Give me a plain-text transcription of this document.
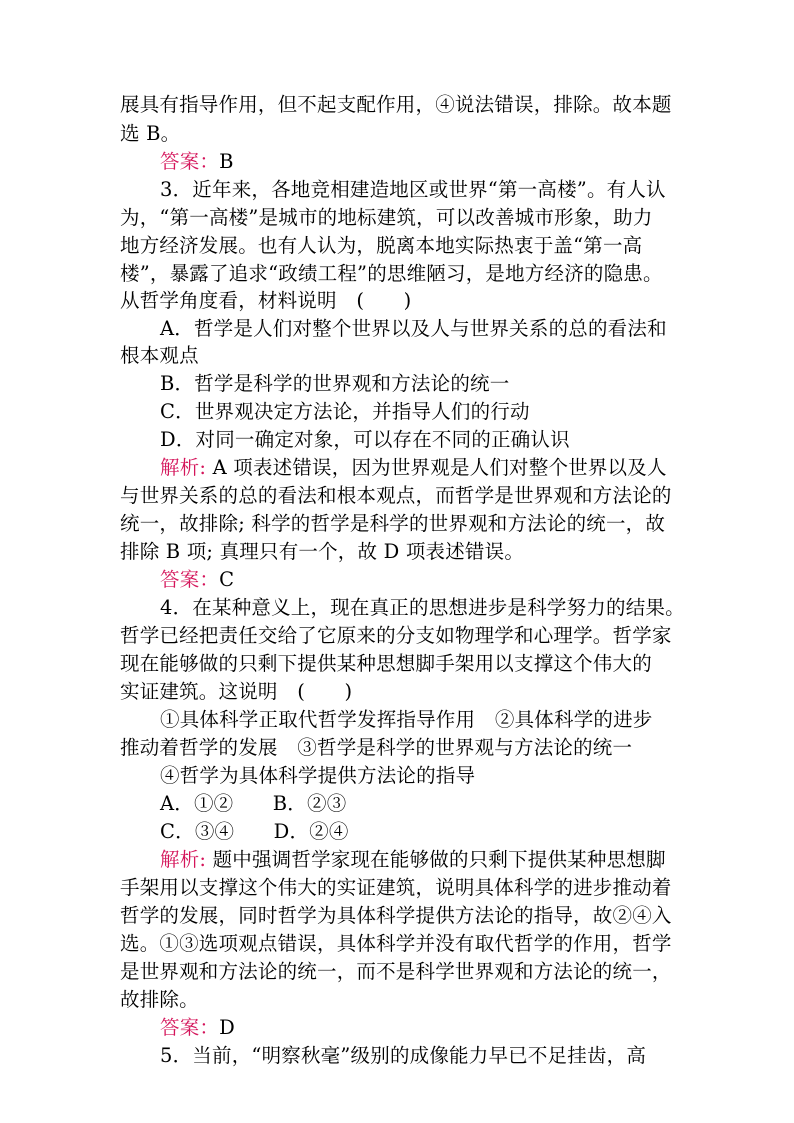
展具有指导作用，但不起支配作用，④说法错误，排除。故本题
选 B。
答案：B
3．近年来，各地竞相建造地区或世界“第一高楼”。有人认
为，“第一高楼”是城市的地标建筑，可以改善城市形象，助力
地方经济发展。也有人认为，脱离本地实际热衷于盖“第一高
楼”，暴露了追求“政绩工程”的思维陋习，是地方经济的隐患。
从哲学角度看，材料说明　(　　)
A．哲学是人们对整个世界以及人与世界关系的总的看法和
根本观点
B．哲学是科学的世界观和方法论的统一
C．世界观决定方法论，并指导人们的行动
D．对同一确定对象，可以存在不同的正确认识
解析: A 项表述错误，因为世界观是人们对整个世界以及人
与世界关系的总的看法和根本观点，而哲学是世界观和方法论的
统一，故排除; 科学的哲学是科学的世界观和方法论的统一，故
排除 B 项; 真理只有一个，故 D 项表述错误。
答案：C
4．在某种意义上，现在真正的思想进步是科学努力的结果。
哲学已经把责任交给了它原来的分支如物理学和心理学。哲学家
现在能够做的只剩下提供某种思想脚手架用以支撑这个伟大的
实证建筑。这说明　(　　)
①具体科学正取代哲学发挥指导作用　②具体科学的进步
推动着哲学的发展　③哲学是科学的世界观与方法论的统一
④哲学为具体科学提供方法论的指导
A．①②　　B．②③
C．③④　　D．②④
解析: 题中强调哲学家现在能够做的只剩下提供某种思想脚
手架用以支撑这个伟大的实证建筑，说明具体科学的进步推动着
哲学的发展，同时哲学为具体科学提供方法论的指导，故②④入
选。①③选项观点错误，具体科学并没有取代哲学的作用，哲学
是世界观和方法论的统一，而不是科学世界观和方法论的统一，
故排除。
答案：D
5．当前，“明察秋毫”级别的成像能力早已不足挂齿，高
